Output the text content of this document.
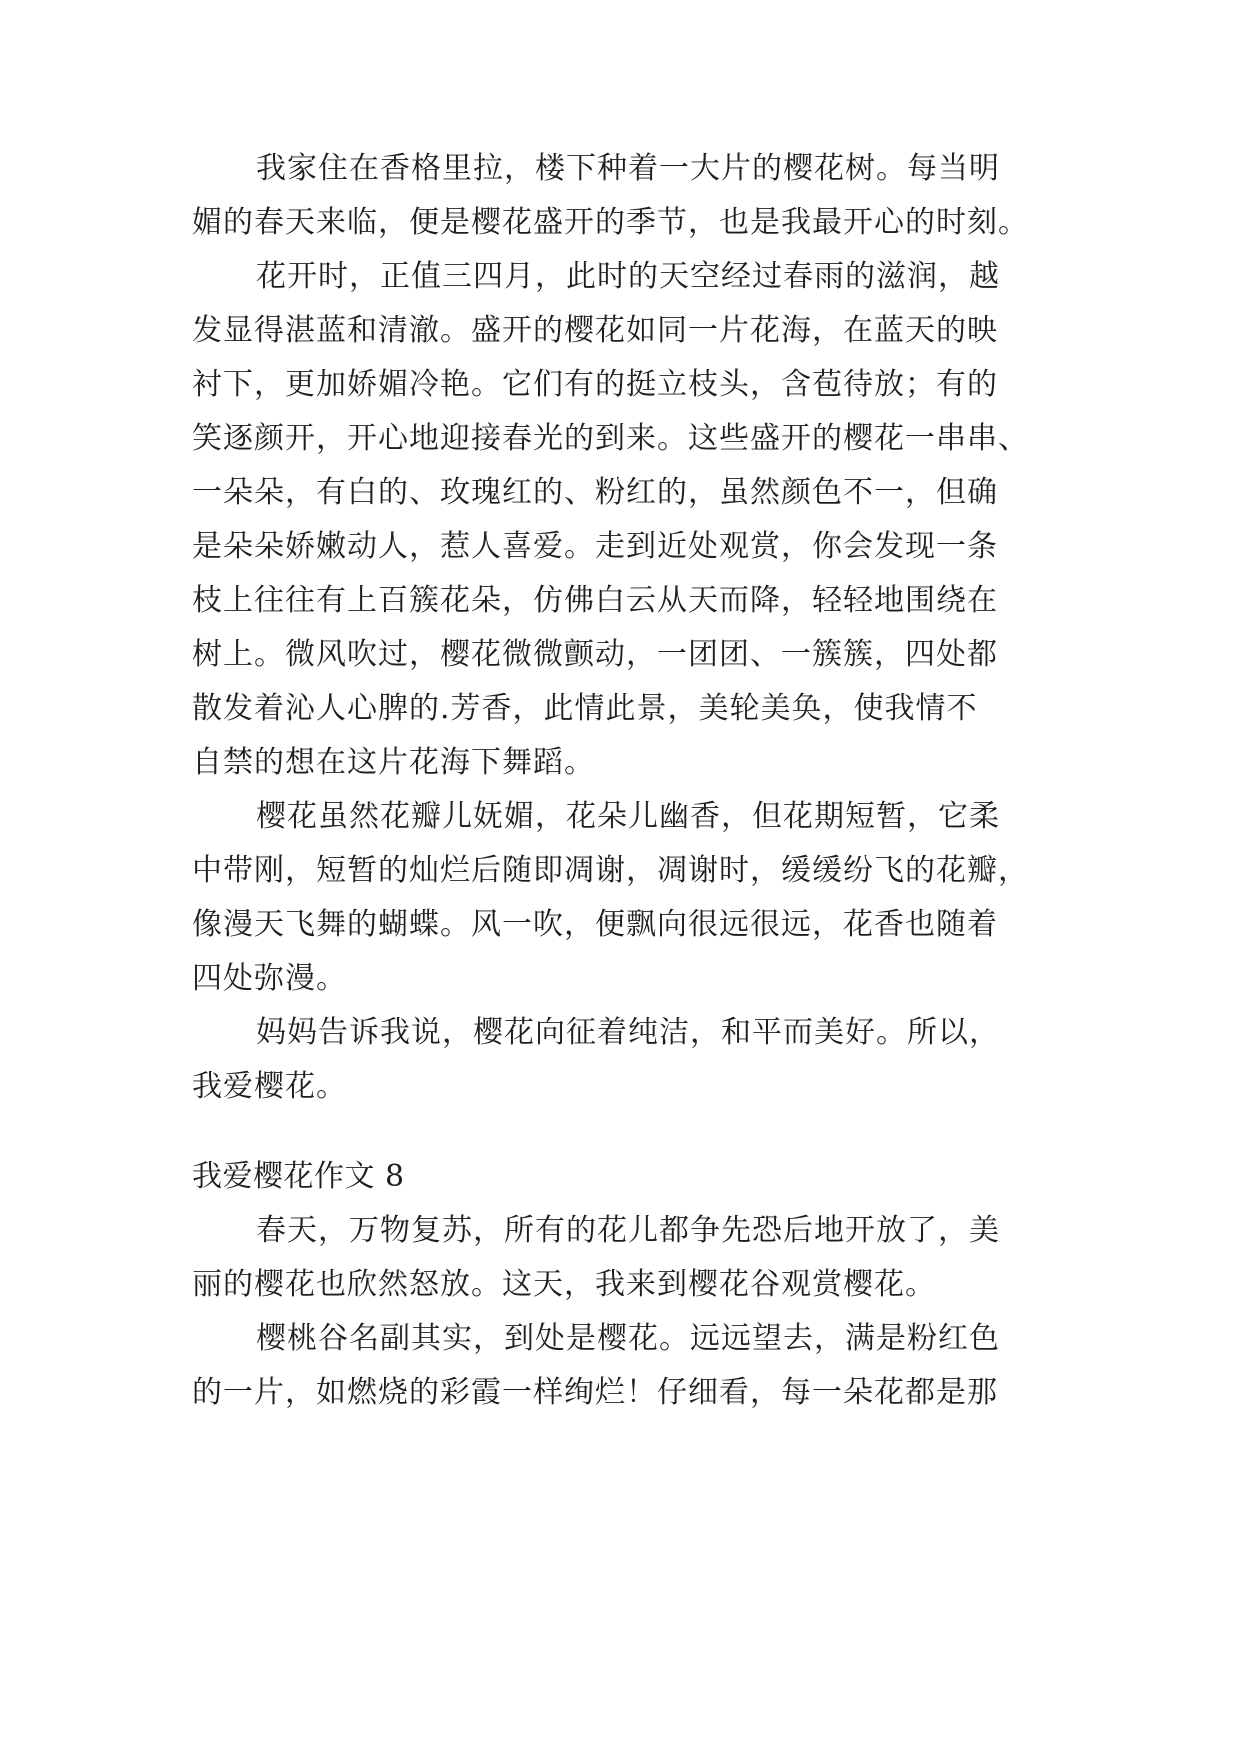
我家住在香格里拉，楼下种着一大片的樱花树。每当明
媚的春天来临，便是樱花盛开的季节，也是我最开心的时刻。
花开时，正值三四月，此时的天空经过春雨的滋润，越
发显得湛蓝和清澈。盛开的樱花如同一片花海，在蓝天的映
衬下，更加娇媚冷艳。它们有的挺立枝头，含苞待放；有的
笑逐颜开，开心地迎接春光的到来。这些盛开的樱花一串串、
一朵朵，有白的、玫瑰红的、粉红的，虽然颜色不一，但确
是朵朵娇嫩动人，惹人喜爱。走到近处观赏，你会发现一条
枝上往往有上百簇花朵，仿佛白云从天而降，轻轻地围绕在
树上。微风吹过，樱花微微颤动，一团团、一簇簇，四处都
散发着沁人心脾的.芳香，此情此景，美轮美奂，使我情不
自禁的想在这片花海下舞蹈。
樱花虽然花瓣儿妩媚，花朵儿幽香，但花期短暂，它柔
中带刚，短暂的灿烂后随即凋谢，凋谢时，缓缓纷飞的花瓣，
像漫天飞舞的蝴蝶。风一吹，便飘向很远很远，花香也随着
四处弥漫。
妈妈告诉我说，樱花向征着纯洁，和平而美好。所以，
我爱樱花。
我爱樱花作文 8
春天，万物复苏，所有的花儿都争先恐后地开放了，美
丽的樱花也欣然怒放。这天，我来到樱花谷观赏樱花。
樱桃谷名副其实，到处是樱花。远远望去，满是粉红色
的一片，如燃烧的彩霞一样绚烂！仔细看，每一朵花都是那
